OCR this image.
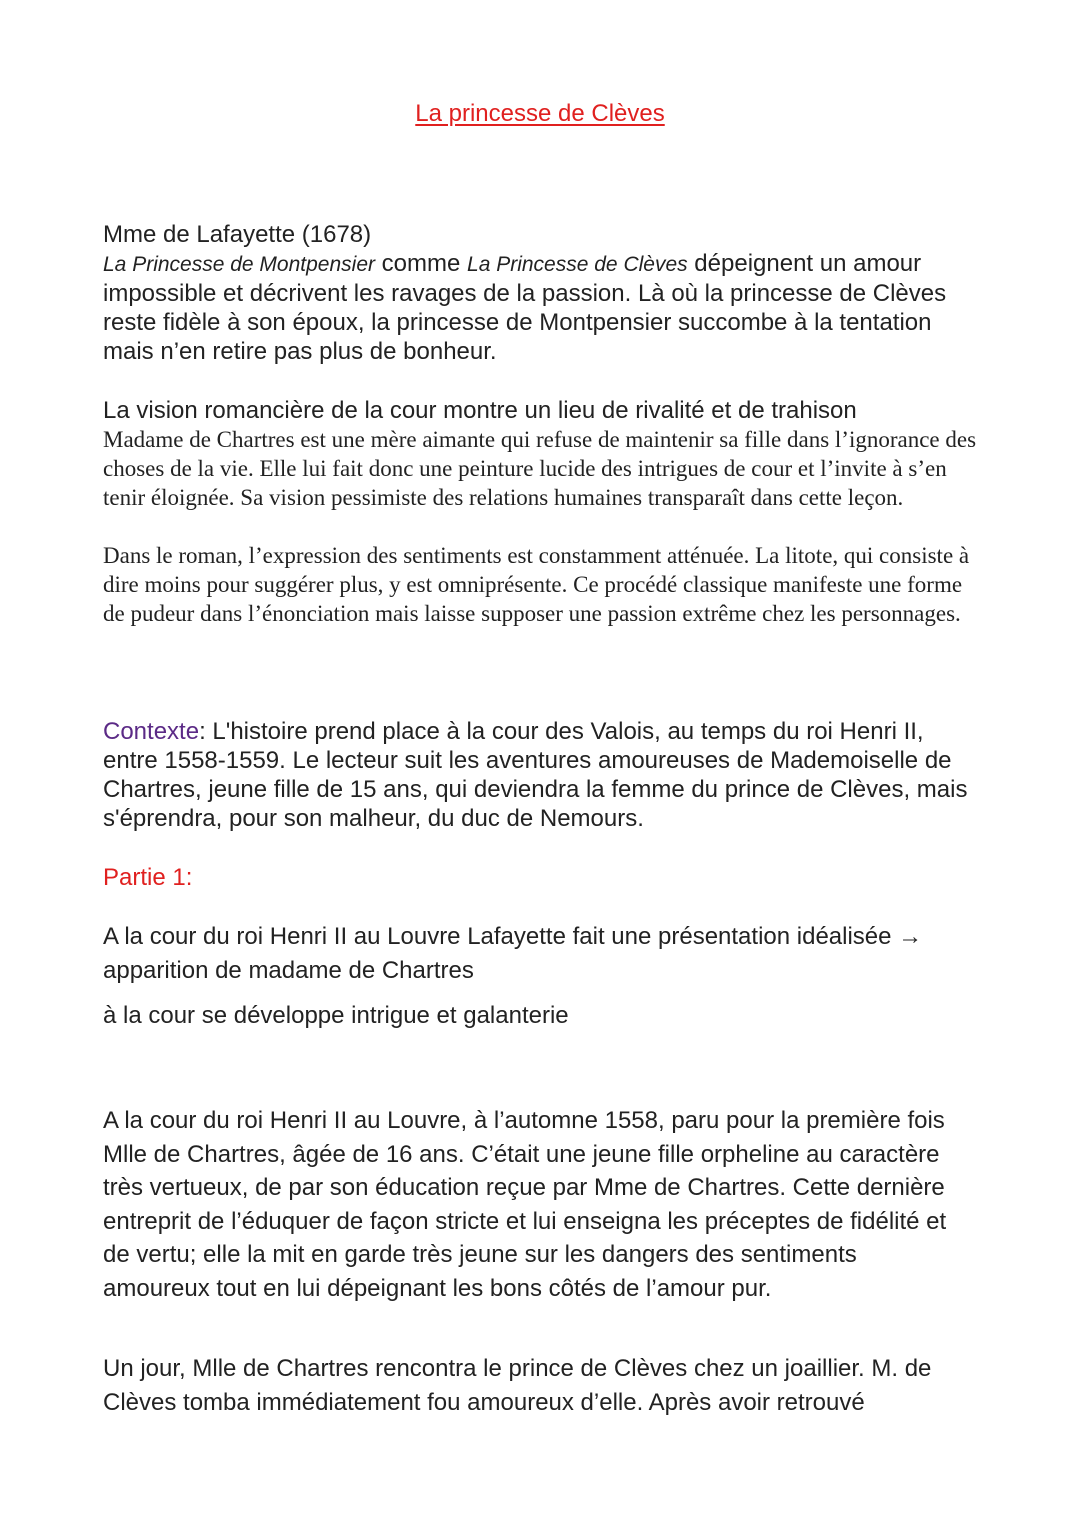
La princesse de Clèves

Mme de Lafayette (1678)
La Princesse de Montpensier comme La Princesse de Clèves dépeignent un amour impossible et décrivent les ravages de la passion. Là où la princesse de Clèves reste fidèle à son époux, la princesse de Montpensier succombe à la tentation mais n’en retire pas plus de bonheur.

La vision romancière de la cour montre un lieu de rivalité et de trahison

Madame de Chartres est une mère aimante qui refuse de maintenir sa fille dans l’ignorance des choses de la vie. Elle lui fait donc une peinture lucide des intrigues de cour et l’invite à s’en tenir éloignée. Sa vision pessimiste des relations humaines transparaît dans cette leçon.

Dans le roman, l’expression des sentiments est constamment atténuée. La litote, qui consiste à dire moins pour suggérer plus, y est omniprésente. Ce procédé classique manifeste une forme de pudeur dans l’énonciation mais laisse supposer une passion extrême chez les personnages.

Contexte: L'histoire prend place à la cour des Valois, au temps du roi Henri II, entre 1558-1559. Le lecteur suit les aventures amoureuses de Mademoiselle de Chartres, jeune fille de 15 ans, qui deviendra la femme du prince de Clèves, mais s'éprendra, pour son malheur, du duc de Nemours.

Partie 1:

A la cour du roi Henri II au Louvre Lafayette fait une présentation idéalisée → apparition de madame de Chartres

à la cour se développe intrigue et galanterie

A la cour du roi Henri II au Louvre, à l’automne 1558, paru pour la première fois Mlle de Chartres, âgée de 16 ans. C’était une jeune fille orpheline au caractère très vertueux, de par son éducation reçue par Mme de Chartres. Cette dernière entreprit de l’éduquer de façon stricte et lui enseigna les préceptes de fidélité et de vertu; elle la mit en garde très jeune sur les dangers des sentiments amoureux tout en lui dépeignant les bons côtés de l’amour pur.

Un jour, Mlle de Chartres rencontra le prince de Clèves chez un joaillier. M. de Clèves tomba immédiatement fou amoureux d’elle. Après avoir retrouvé
